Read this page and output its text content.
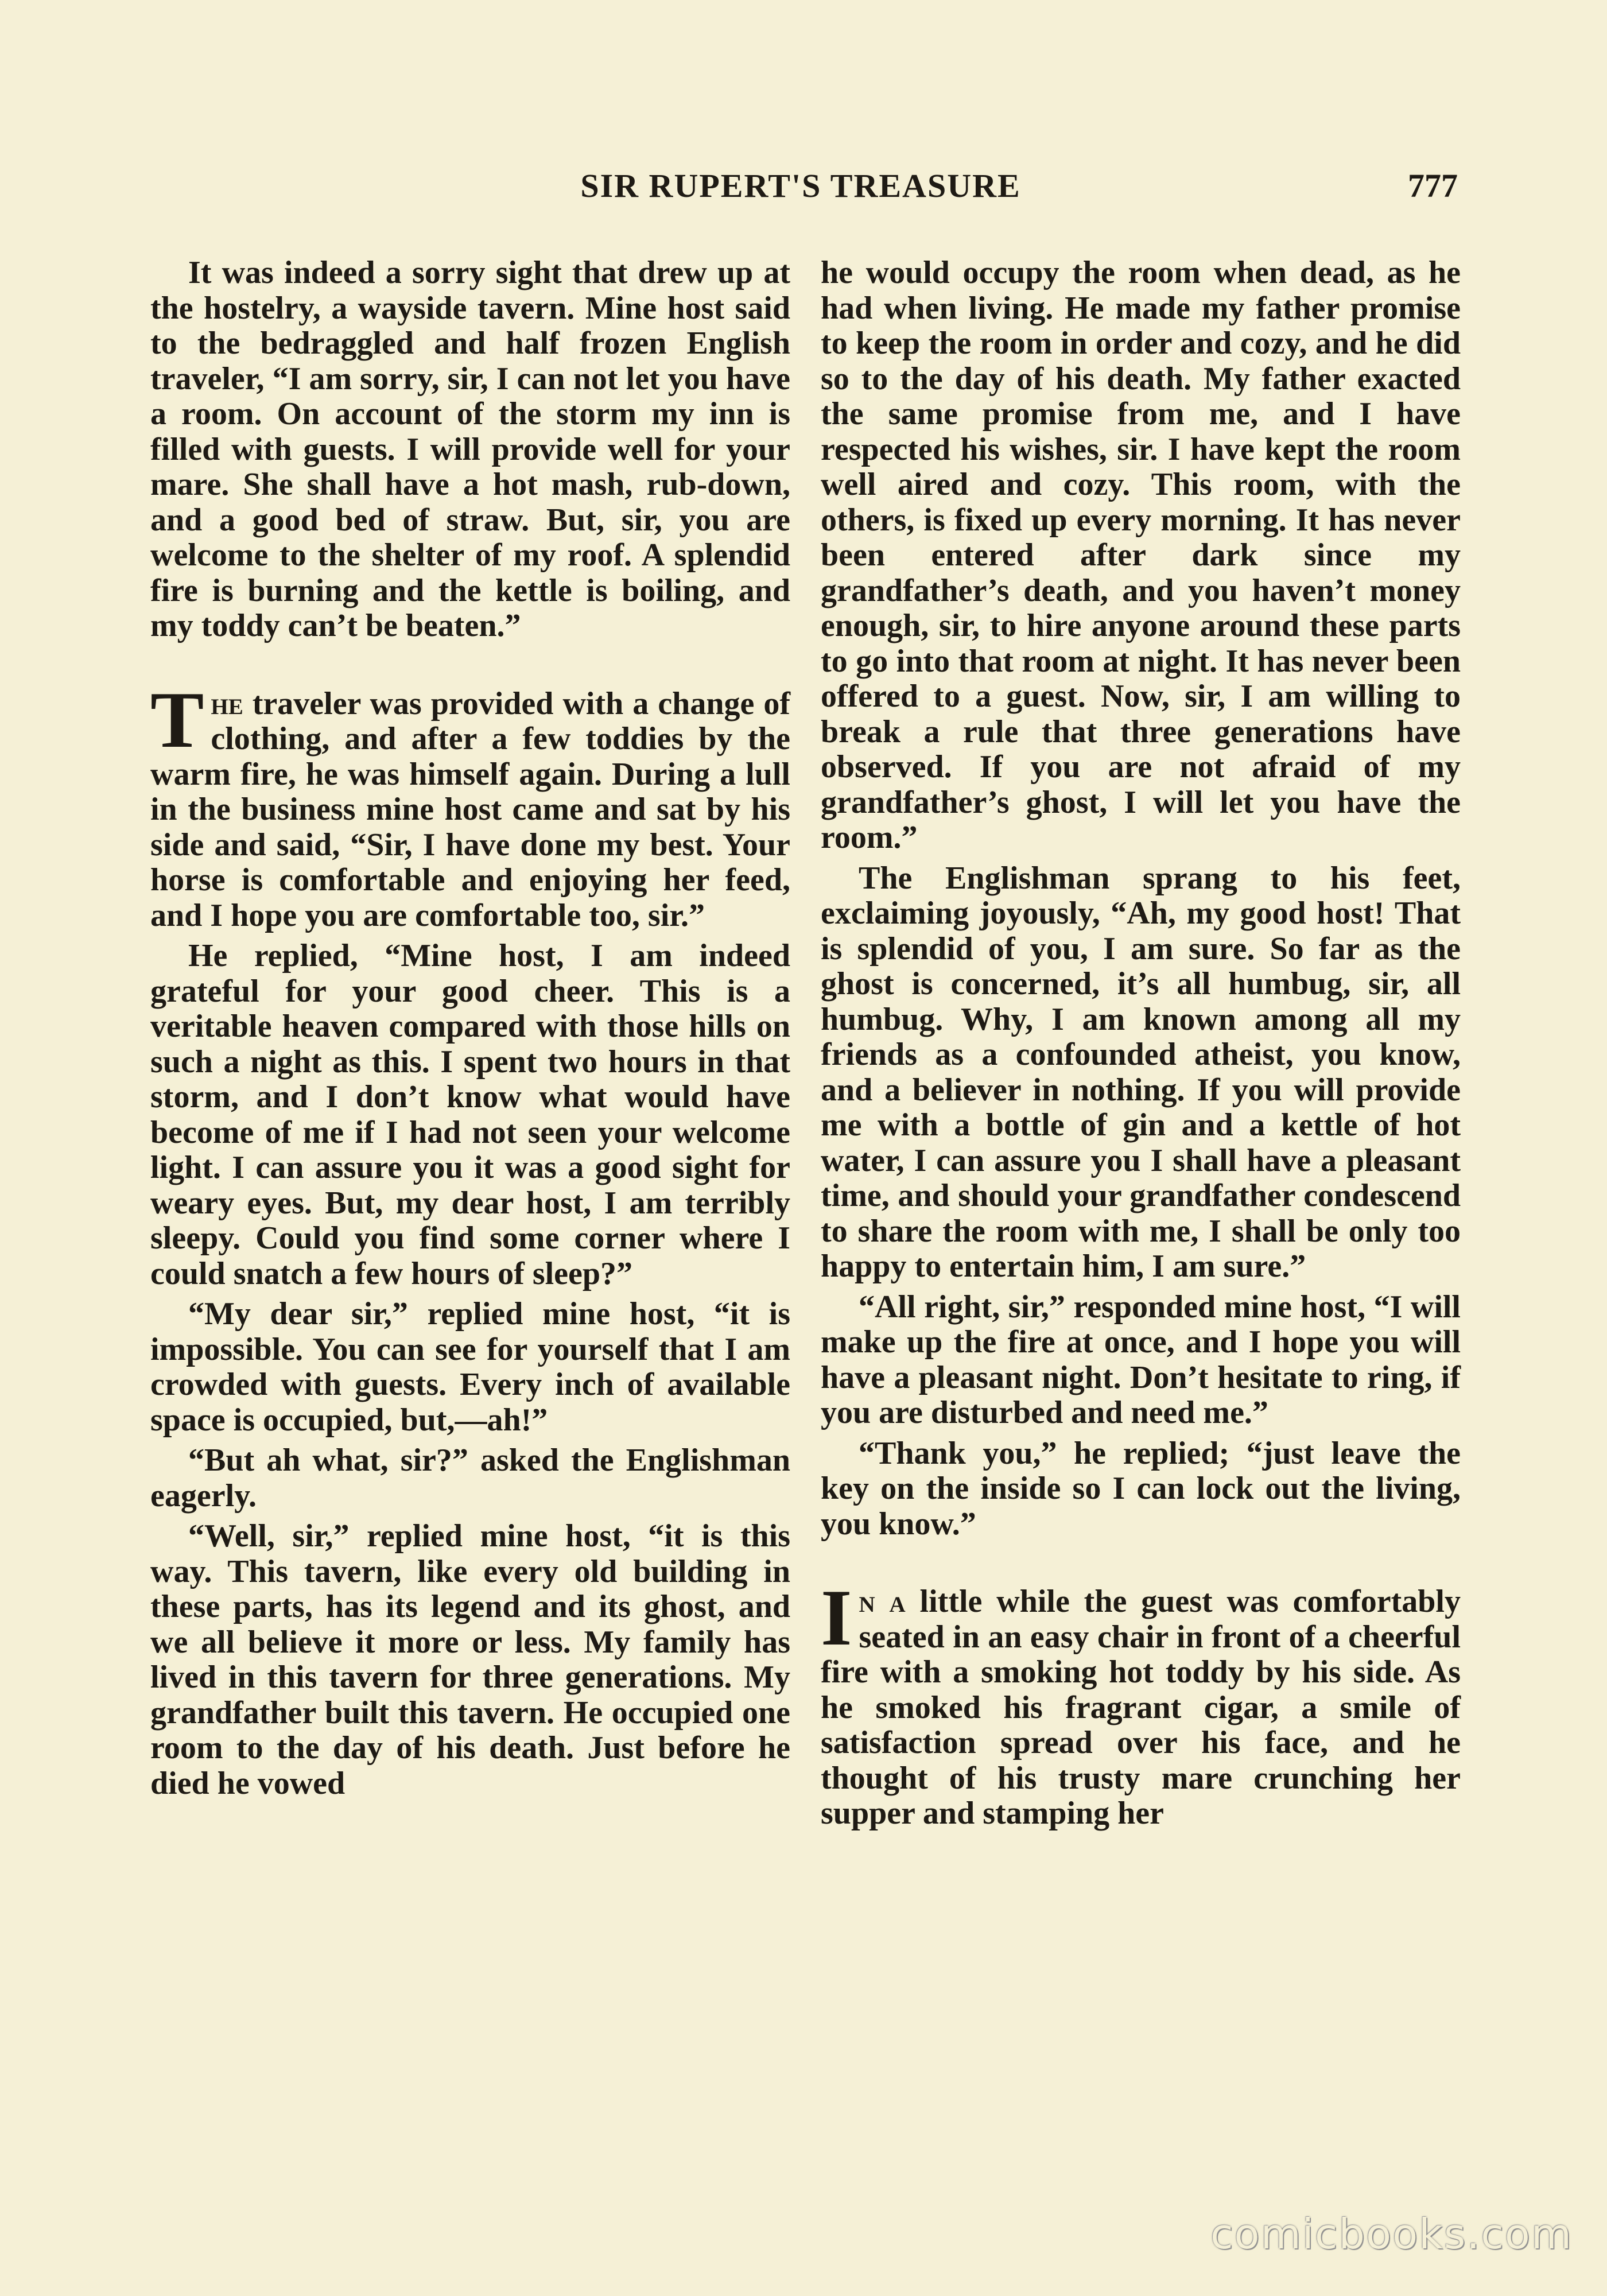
SIR RUPERT'S TREASURE	777

It was indeed a sorry sight that drew up at the hostelry, a wayside tavern. Mine host said to the bedraggled and half frozen English traveler, “I am sorry, sir, I can not let you have a room. On account of the storm my inn is filled with guests. I will provide well for your mare. She shall have a hot mash, rub-down, and a good bed of straw. But, sir, you are welcome to the shelter of my roof. A splendid fire is burning and the kettle is boiling, and my toddy can’t be beaten.”

The traveler was provided with a change of clothing, and after a few toddies by the warm fire, he was himself again. During a lull in the business mine host came and sat by his side and said, “Sir, I have done my best. Your horse is comfortable and enjoying her feed, and I hope you are comfortable too, sir.”

He replied, “Mine host, I am indeed grateful for your good cheer. This is a veritable heaven compared with those hills on such a night as this. I spent two hours in that storm, and I don’t know what would have become of me if I had not seen your welcome light. I can assure you it was a good sight for weary eyes. But, my dear host, I am terribly sleepy. Could you find some corner where I could snatch a few hours of sleep?”

“My dear sir,” replied mine host, “it is impossible. You can see for yourself that I am crowded with guests. Every inch of available space is occupied, but,—ah!”

“But ah what, sir?” asked the Englishman eagerly.

“Well, sir,” replied mine host, “it is this way. This tavern, like every old building in these parts, has its legend and its ghost, and we all believe it more or less. My family has lived in this tavern for three generations. My grandfather built this tavern. He occupied one room to the day of his death. Just before he died he vowed

he would occupy the room when dead, as he had when living. He made my father promise to keep the room in order and cozy, and he did so to the day of his death. My father exacted the same promise from me, and I have respected his wishes, sir. I have kept the room well aired and cozy. This room, with the others, is fixed up every morning. It has never been entered after dark since my grandfather’s death, and you haven’t money enough, sir, to hire anyone around these parts to go into that room at night. It has never been offered to a guest. Now, sir, I am willing to break a rule that three generations have observed. If you are not afraid of my grandfather’s ghost, I will let you have the room.”

The Englishman sprang to his feet, exclaiming joyously, “Ah, my good host! That is splendid of you, I am sure. So far as the ghost is concerned, it’s all humbug, sir, all humbug. Why, I am known among all my friends as a confounded atheist, you know, and a believer in nothing. If you will provide me with a bottle of gin and a kettle of hot water, I can assure you I shall have a pleasant time, and should your grandfather condescend to share the room with me, I shall be only too happy to entertain him, I am sure.”

“All right, sir,” responded mine host, “I will make up the fire at once, and I hope you will have a pleasant night. Don’t hesitate to ring, if you are disturbed and need me.”

“Thank you,” he replied; “just leave the key on the inside so I can lock out the living, you know.”

In a little while the guest was comfortably seated in an easy chair in front of a cheerful fire with a smoking hot toddy by his side. As he smoked his fragrant cigar, a smile of satisfaction spread over his face, and he thought of his trusty mare crunching her supper and stamping her

comicbooks.com
